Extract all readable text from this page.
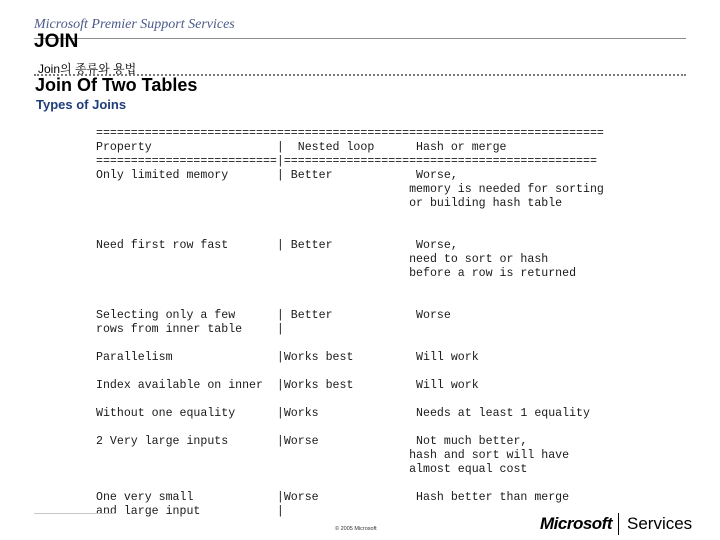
Microsoft Premier Support Services
JOIN
Join의 종류와 용법
Join Of Two Tables
Types of Joins
=========================================================================
Property                  |  Nested loop      Hash or merge
==========================|=============================================
Only limited memory       | Better            Worse,
memory is needed for sorting
or building hash table
Need first row fast       | Better            Worse,
need to sort or hash
before a row is returned
Selecting only a few      | Better            Worse
rows from inner table     |
Parallelism               |Works best         Will work
Index available on inner  |Works best         Will work
Without one equality      |Works              Needs at least 1 equality
2 Very large inputs       |Worse              Not much better,
hash and sort will have
almost equal cost
One very small            |Worse              Hash better than merge
and large input           |
© 2005 Microsoft	Microsoft Services
